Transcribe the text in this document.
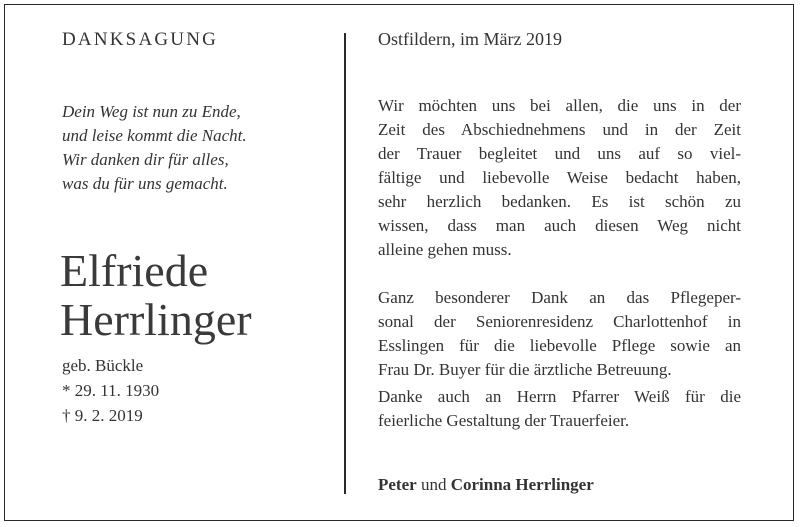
DANKSAGUNG
Dein Weg ist nun zu Ende,
und leise kommt die Nacht.
Wir danken dir für alles,
was du für uns gemacht.
Elfriede
Herrlinger
geb. Bückle
* 29. 11. 1930
† 9. 2. 2019
Ostfildern, im März 2019
Wir möchten uns bei allen, die uns in der
Zeit des Abschiednehmens und in der Zeit
der Trauer begleitet und uns auf so viel-
fältige und liebevolle Weise bedacht haben,
sehr herzlich bedanken. Es ist schön zu
wissen, dass man auch diesen Weg nicht
alleine gehen muss.
Ganz besonderer Dank an das Pflegeper-
sonal der Seniorenresidenz Charlottenhof in
Esslingen für die liebevolle Pflege sowie an
Frau Dr. Buyer für die ärztliche Betreuung.
Danke auch an Herrn Pfarrer Weiß für die
feierliche Gestaltung der Trauerfeier.
Peter und Corinna Herrlinger
